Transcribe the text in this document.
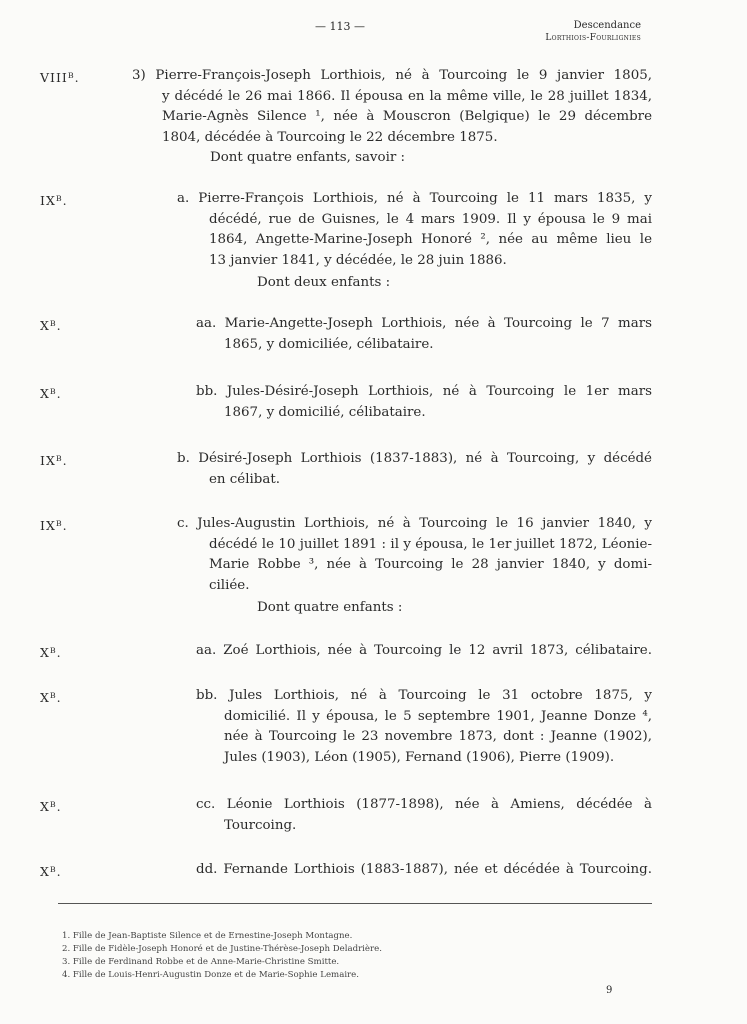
— 113 —	Descendance
Lorthiois-Fourlignies
VIIIᴮ.	3) Pierre-François-Joseph Lorthiois, né à Tourcoing le 9 janvier 1805,
y décédé le 26 mai 1866. Il épousa en la même ville, le 28 juillet 1834,
Marie-Agnès Silence ¹, née à Mouscron (Belgique) le 29 décembre
1804, décédée à Tourcoing le 22 décembre 1875.
Dont quatre enfants, savoir :
IXᴮ.	a. Pierre-François Lorthiois, né à Tourcoing le 11 mars 1835, y
décédé, rue de Guisnes, le 4 mars 1909. Il y épousa le 9 mai
1864, Angette-Marine-Joseph Honoré ², née au même lieu le
13 janvier 1841, y décédée, le 28 juin 1886.
Dont deux enfants :
Xᴮ.	aa. Marie-Angette-Joseph Lorthiois, née à Tourcoing le 7 mars
1865, y domiciliée, célibataire.
Xᴮ.	bb. Jules-Désiré-Joseph Lorthiois, né à Tourcoing le 1er mars
1867, y domicilié, célibataire.
IXᴮ.	b. Désiré-Joseph Lorthiois (1837-1883), né à Tourcoing, y décédé
en célibat.
IXᴮ.	c. Jules-Augustin Lorthiois, né à Tourcoing le 16 janvier 1840, y
décédé le 10 juillet 1891 : il y épousa, le 1er juillet 1872, Léonie-
Marie Robbe ³, née à Tourcoing le 28 janvier 1840, y domi-
ciliée.
Dont quatre enfants :
Xᴮ.	aa. Zoé Lorthiois, née à Tourcoing le 12 avril 1873, célibataire.
Xᴮ.	bb. Jules Lorthiois, né à Tourcoing le 31 octobre 1875, y
domicilié. Il y épousa, le 5 septembre 1901, Jeanne Donze ⁴,
née à Tourcoing le 23 novembre 1873, dont : Jeanne (1902),
Jules (1903), Léon (1905), Fernand (1906), Pierre (1909).
Xᴮ.	cc. Léonie Lorthiois (1877-1898), née à Amiens, décédée à
Tourcoing.
Xᴮ.	dd. Fernande Lorthiois (1883-1887), née et décédée à Tourcoing.
1. Fille de Jean-Baptiste Silence et de Ernestine-Joseph Montagne.
2. Fille de Fidèle-Joseph Honoré et de Justine-Thérèse-Joseph Deladrière.
3. Fille de Ferdinand Robbe et de Anne-Marie-Christine Smitte.
4. Fille de Louis-Henri-Augustin Donze et de Marie-Sophie Lemaire.
9
